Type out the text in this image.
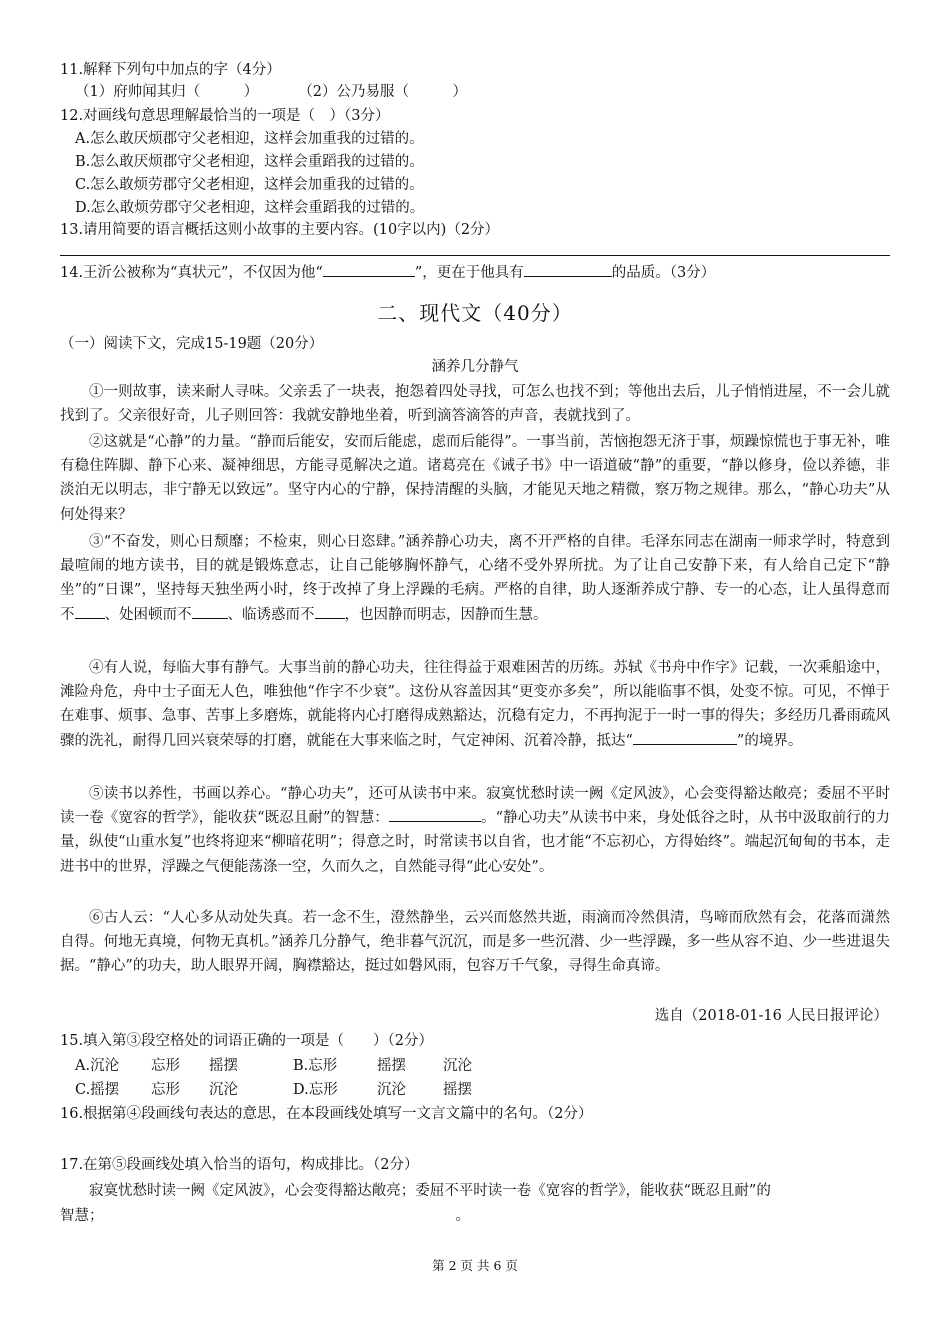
11.解释下列句中加点的字（4分）
（1）府帅闻其归（　　　）	（2）公乃易服（　　　）
12.对画线句意思理解最恰当的一项是（　）（3分）
A.怎么敢厌烦郡守父老相迎，这样会加重我的过错的。
B.怎么敢厌烦郡守父老相迎，这样会重蹈我的过错的。
C.怎么敢烦劳郡守父老相迎，这样会加重我的过错的。
D.怎么敢烦劳郡守父老相迎，这样会重蹈我的过错的。
13.请用简要的语言概括这则小故事的主要内容。(10字以内)（2分）
14.王沂公被称为“真状元”，不仅因为他“	”，更在于他具有	的品质。（3分）
二、现代文（40分）
（一）阅读下文，完成15-19题（20分）
涵养几分静气
①一则故事，读来耐人寻味。父亲丢了一块表，抱怨着四处寻找，可怎么也找不到；等他出去后，儿子悄悄进屋，不一会儿就找到了。父亲很好奇，儿子则回答：我就安静地坐着，听到滴答滴答的声音，表就找到了。
②这就是“心静”的力量。“静而后能安，安而后能虑，虑而后能得”。一事当前，苦恼抱怨无济于事，烦躁惊慌也于事无补，唯有稳住阵脚、静下心来、凝神细思，方能寻觅解决之道。诸葛亮在《诫子书》中一语道破“静”的重要，“静以修身，俭以养德，非淡泊无以明志，非宁静无以致远”。坚守内心的宁静，保持清醒的头脑，才能见天地之精微，察万物之规律。那么，“静心功夫”从何处得来？
③“不奋发，则心日颓靡；不检束，则心日恣肆。”涵养静心功夫，离不开严格的自律。毛泽东同志在湖南一师求学时，特意到最喧闹的地方读书，目的就是锻炼意志，让自己能够胸怀静气，心绪不受外界所扰。为了让自己安静下来，有人给自己定下“静坐”的“日课”，坚持每天独坐两小时，终于改掉了身上浮躁的毛病。严格的自律，助人逐渐养成宁静、专一的心态，让人虽得意而不 、处困顿而不 、临诱惑而不 ，也因静而明志，因静而生慧。
④有人说，每临大事有静气。大事当前的静心功夫，往往得益于艰难困苦的历练。苏轼《书舟中作字》记载，一次乘船途中，滩险舟危，舟中士子面无人色，唯独他“作字不少衰”。这份从容盖因其“更变亦多矣”，所以能临事不惧，处变不惊。可见，不惮于在难事、烦事、急事、苦事上多磨炼，就能将内心打磨得成熟豁达，沉稳有定力，不再拘泥于一时一事的得失；多经历几番雨疏风骤的洗礼，耐得几回兴衰荣辱的打磨，就能在大事来临之时，气定神闲、沉着冷静，抵达“	”的境界。
⑤读书以养性，书画以养心。“静心功夫”，还可从读书中来。寂寞忧愁时读一阙《定风波》，心会变得豁达敞亮；委屈不平时读一卷《宽容的哲学》，能收获“既忍且耐”的智慧：	。“静心功夫”从读书中来，身处低谷之时，从书中汲取前行的力量，纵使“山重水复”也终将迎来“柳暗花明”；得意之时，时常读书以自省，也才能“不忘初心，方得始终”。端起沉甸甸的书本，走进书中的世界，浮躁之气便能荡涤一空，久而久之，自然能寻得“此心安处”。
⑥古人云：“人心多从动处失真。若一念不生，澄然静坐，云兴而悠然共逝，雨滴而冷然俱清，鸟啼而欣然有会，花落而潇然自得。何地无真境，何物无真机。”涵养几分静气，绝非暮气沉沉，而是多一些沉潜、少一些浮躁，多一些从容不迫、少一些进退失据。“静心”的功夫，助人眼界开阔，胸襟豁达，挺过如磐风雨，包容万千气象，寻得生命真谛。
选自（2018-01-16 人民日报评论）
15.填入第③段空格处的词语正确的一项是（　　）（2分）
A.沉沦 忘形 摇摆	B.忘形	摇摆	沉沦
C.摇摆 忘形 沉沦	D.忘形	沉沦	摇摆
16.根据第④段画线句表达的意思，在本段画线处填写一文言文篇中的名句。（2分）
17.在第⑤段画线处填入恰当的语句，构成排比。（2分）
寂寞忧愁时读一阙《定风波》，心会变得豁达敞亮；委屈不平时读一卷《宽容的哲学》，能收获“既忍且耐”的
智慧；	。
第 2 页 共 6 页
